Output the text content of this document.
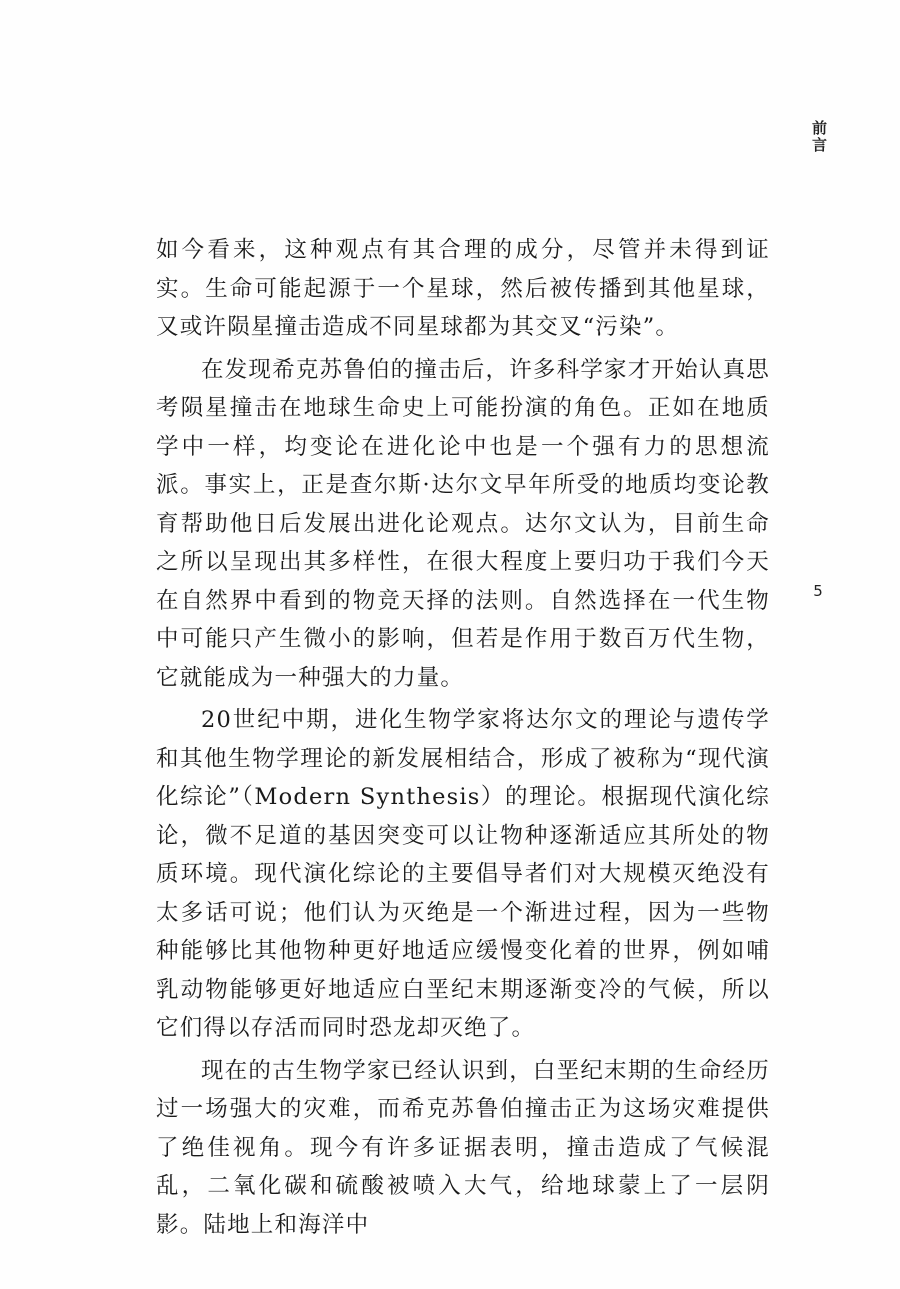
前言
5

如今看来，这种观点有其合理的成分，尽管并未得到证实。生命可能起源于一个星球，然后被传播到其他星球，又或许陨星撞击造成不同星球都为其交叉“污染”。

在发现希克苏鲁伯的撞击后，许多科学家才开始认真思考陨星撞击在地球生命史上可能扮演的角色。正如在地质学中一样，均变论在进化论中也是一个强有力的思想流派。事实上，正是查尔斯·达尔文早年所受的地质均变论教育帮助他日后发展出进化论观点。达尔文认为，目前生命之所以呈现出其多样性，在很大程度上要归功于我们今天在自然界中看到的物竞天择的法则。自然选择在一代生物中可能只产生微小的影响，但若是作用于数百万代生物，它就能成为一种强大的力量。

20世纪中期，进化生物学家将达尔文的理论与遗传学和其他生物学理论的新发展相结合，形成了被称为“现代演化综论”（Modern Synthesis）的理论。根据现代演化综论，微不足道的基因突变可以让物种逐渐适应其所处的物质环境。现代演化综论的主要倡导者们对大规模灭绝没有太多话可说；他们认为灭绝是一个渐进过程，因为一些物种能够比其他物种更好地适应缓慢变化着的世界，例如哺乳动物能够更好地适应白垩纪末期逐渐变冷的气候，所以它们得以存活而同时恐龙却灭绝了。

现在的古生物学家已经认识到，白垩纪末期的生命经历过一场强大的灾难，而希克苏鲁伯撞击正为这场灾难提供了绝佳视角。现今有许多证据表明，撞击造成了气候混乱，二氧化碳和硫酸被喷入大气，给地球蒙上了一层阴影。陆地上和海洋中
